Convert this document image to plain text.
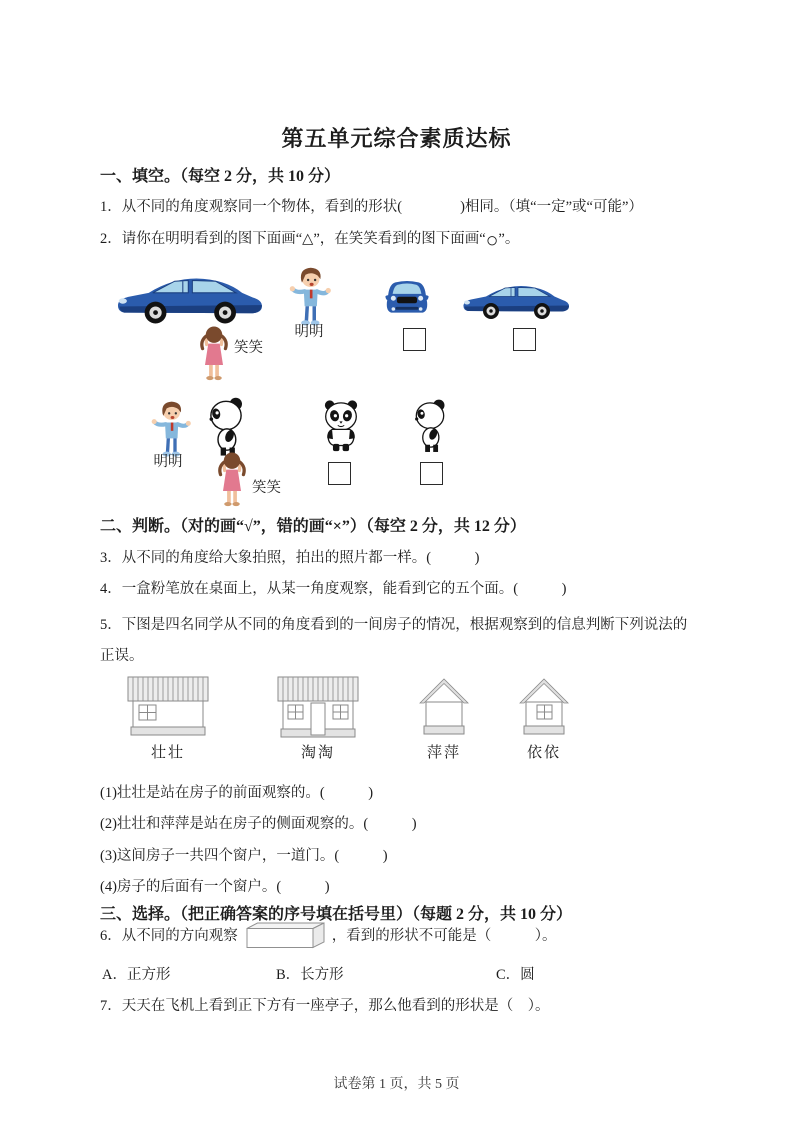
第五单元综合素质达标
一、填空。（每空 2 分，共 10 分）
1．从不同的角度观察同一个物体，看到的形状(　　　　)相同。（填“一定”或“可能”）
2．请你在明明看到的图下面画“△”，在笑笑看到的图下面画“○”。
笑笑
明明
明明
笑笑
二、判断。（对的画“√”，错的画“×”）（每空 2 分，共 12 分）
3．从不同的角度给大象拍照，拍出的照片都一样。(　　　)
4．一盒粉笔放在桌面上，从某一角度观察，能看到它的五个面。(　　　)
5．下图是四名同学从不同的角度看到的一间房子的情况，根据观察到的信息判断下列说法的正误。
壮壮	淘淘	萍萍	依依
(1)壮壮是站在房子的前面观察的。(　　　)
(2)壮壮和萍萍是站在房子的侧面观察的。(　　　)
(3)这间房子一共四个窗户，一道门。(　　　)
(4)房子的后面有一个窗户。(　　　)
三、选择。（把正确答案的序号填在括号里）（每题 2 分，共 10 分）
6．从不同的方向观察	，看到的形状不可能是（　　　）。
A．正方形	B．长方形	C．圆
7．天天在飞机上看到正下方有一座亭子，那么他看到的形状是（　）。
试卷第 1 页，共 5 页
